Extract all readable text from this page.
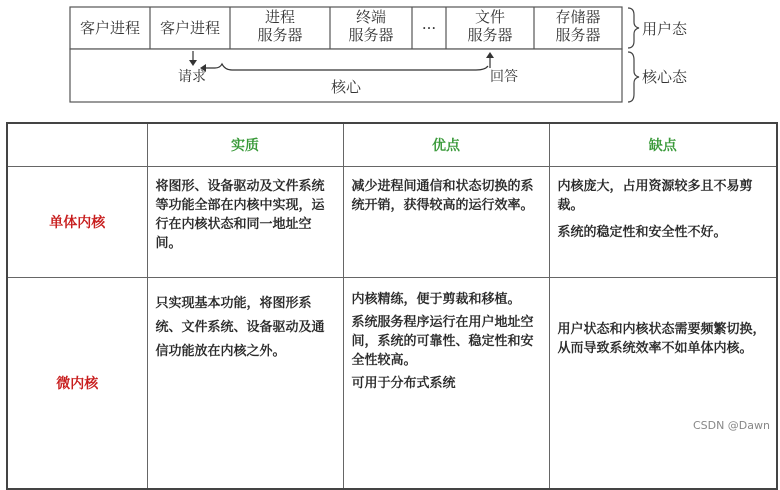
客户进程 客户进程
进程
服务器
终端
服务器 ···
文件
服务器
存储器
服务器
请求	回答
核心
用户态
核心态
	实质	优点	缺点
单体内核	将图形、设备驱动及文件系统等功能全部在内核中实现，运行在内核状态和同一地址空间。	减少进程间通信和状态切换的系统开销，获得较高的运行效率。	内核庞大，占用资源较多且不易剪裁。
系统的稳定性和安全性不好。

微内核	只实现基本功能，将图形系统、文件系统、设备驱动及通信功能放在内核之外。	内核精练，便于剪裁和移植。
系统服务程序运行在用户地址空间，系统的可靠性、稳定性和安全性较高。
可用于分布式系统	用户状态和内核状态需要频繁切换，从而导致系统效率不如单体内核。
CSDN @Dawn
